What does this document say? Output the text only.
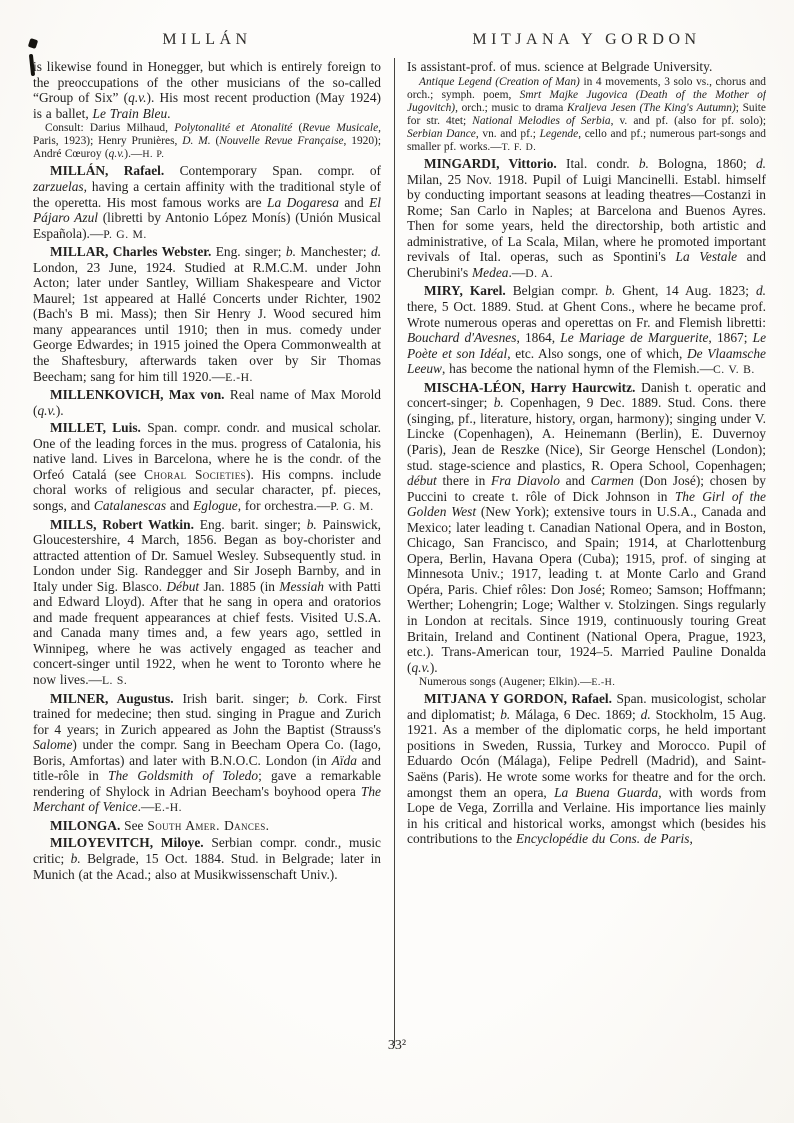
MILLÁN	MITJANA Y GORDON

is likewise found in Honegger, but which is entirely foreign to the preoccupations of the other musicians of the so-called “Group of Six” (q.v.). His most recent production (May 1924) is a ballet, Le Train Bleu.

Consult: Darius Milhaud, Polytonalité et Atonalité (Revue Musicale, Paris, 1923); Henry Prunières, D. M. (Nouvelle Revue Française, 1920); André Cœuroy (q.v.).—H. P.

MILLÁN, Rafael. Contemporary Span. compr. of zarzuelas, having a certain affinity with the traditional style of the operetta. His most famous works are La Dogaresa and El Pájaro Azul (libretti by Antonio López Monís) (Unión Musical Española).—P. G. M.

MILLAR, Charles Webster. Eng. singer; b. Manchester; d. London, 23 June, 1924. Studied at R.M.C.M. under John Acton; later under Santley, William Shakespeare and Victor Maurel; 1st appeared at Hallé Concerts under Richter, 1902 (Bach's B mi. Mass); then Sir Henry J. Wood secured him many appearances until 1910; then in mus. comedy under George Edwardes; in 1915 joined the Opera Commonwealth at the Shaftesbury, afterwards taken over by Sir Thomas Beecham; sang for him till 1920.—E.-H.

MILLENKOVICH, Max von. Real name of Max Morold (q.v.).

MILLET, Luis. Span. compr. condr. and musical scholar. One of the leading forces in the mus. progress of Catalonia, his native land. Lives in Barcelona, where he is the condr. of the Orfeó Catalá (see Choral Societies). His compns. include choral works of religious and secular character, pf. pieces, songs, and Catalanescas and Eglogue, for orchestra.—P. G. M.

MILLS, Robert Watkin. Eng. barit. singer; b. Painswick, Gloucestershire, 4 March, 1856. Began as boy-chorister and attracted attention of Dr. Samuel Wesley. Subsequently stud. in London under Sig. Randegger and Sir Joseph Barnby, and in Italy under Sig. Blasco. Début Jan. 1885 (in Messiah with Patti and Edward Lloyd). After that he sang in opera and oratorios and made frequent appearances at chief fests. Visited U.S.A. and Canada many times and, a few years ago, settled in Winnipeg, where he was actively engaged as teacher and concert-singer until 1922, when he went to Toronto where he now lives.—L. S.

MILNER, Augustus. Irish barit. singer; b. Cork. First trained for medecine; then stud. singing in Prague and Zurich for 4 years; in Zurich appeared as John the Baptist (Strauss's Salome) under the compr. Sang in Beecham Opera Co. (Iago, Boris, Amfortas) and later with B.N.O.C. London (in Aïda and title-rôle in The Goldsmith of Toledo; gave a remarkable rendering of Shylock in Adrian Beecham's boyhood opera The Merchant of Venice.—E.-H.

MILONGA. See South Amer. Dances.

MILOYEVITCH, Miloye. Serbian compr. condr., music critic; b. Belgrade, 15 Oct. 1884. Stud. in Belgrade; later in Munich (at the Acad.; also at Musikwissenschaft Univ.).

Is assistant-prof. of mus. science at Belgrade University.

Antique Legend (Creation of Man) in 4 movements, 3 solo vs., chorus and orch.; symph. poem, Smrt Majke Jugovica (Death of the Mother of Jugovitch), orch.; music to drama Kraljeva Jesen (The King's Autumn); Suite for str. 4tet; National Melodies of Serbia, v. and pf. (also for pf. solo); Serbian Dance, vn. and pf.; Legende, cello and pf.; numerous part-songs and smaller pf. works.—T. F. D.

MINGARDI, Vittorio. Ital. condr. b. Bologna, 1860; d. Milan, 25 Nov. 1918. Pupil of Luigi Mancinelli. Establ. himself by conducting important seasons at leading theatres—Costanzi in Rome; San Carlo in Naples; at Barcelona and Buenos Ayres. Then for some years, held the directorship, both artistic and administrative, of La Scala, Milan, where he promoted important revivals of Ital. operas, such as Spontini's La Vestale and Cherubini's Medea.—D. A.

MIRY, Karel. Belgian compr. b. Ghent, 14 Aug. 1823; d. there, 5 Oct. 1889. Stud. at Ghent Cons., where he became prof. Wrote numerous operas and operettas on Fr. and Flemish libretti: Bouchard d'Avesnes, 1864, Le Mariage de Marguerite, 1867; Le Poète et son Idéal, etc. Also songs, one of which, De Vlaamsche Leeuw, has become the national hymn of the Flemish.—C. V. B.

MISCHA-LÉON, Harry Haurcwitz. Danish t. operatic and concert-singer; b. Copenhagen, 9 Dec. 1889. Stud. Cons. there (singing, pf., literature, history, organ, harmony); singing under V. Lincke (Copenhagen), A. Heinemann (Berlin), E. Duvernoy (Paris), Jean de Reszke (Nice), Sir George Henschel (London); stud. stage-science and plastics, R. Opera School, Copenhagen; début there in Fra Diavolo and Carmen (Don José); chosen by Puccini to create t. rôle of Dick Johnson in The Girl of the Golden West (New York); extensive tours in U.S.A., Canada and Mexico; later leading t. Canadian National Opera, and in Boston, Chicago, San Francisco, and Spain; 1914, at Charlottenburg Opera, Berlin, Havana Opera (Cuba); 1915, prof. of singing at Minnesota Univ.; 1917, leading t. at Monte Carlo and Grand Opéra, Paris. Chief rôles: Don José; Romeo; Samson; Hoffmann; Werther; Lohengrin; Loge; Walther v. Stolzingen. Sings regularly in London at recitals. Since 1919, continuously touring Great Britain, Ireland and Continent (National Opera, Prague, 1923, etc.). Trans-American tour, 1924–5. Married Pauline Donalda (q.v.).

Numerous songs (Augener; Elkin).—E.-H.

MITJANA Y GORDON, Rafael. Span. musicologist, scholar and diplomatist; b. Málaga, 6 Dec. 1869; d. Stockholm, 15 Aug. 1921. As a member of the diplomatic corps, he held important positions in Sweden, Russia, Turkey and Morocco. Pupil of Eduardo Ocón (Málaga), Felipe Pedrell (Madrid), and Saint-Saëns (Paris). He wrote some works for theatre and for the orch. amongst them an opera, La Buena Guarda, with words from Lope de Vega, Zorrilla and Verlaine. His importance lies mainly in his critical and historical works, amongst which (besides his contributions to the Encyclopédie du Cons. de Paris,

33²
